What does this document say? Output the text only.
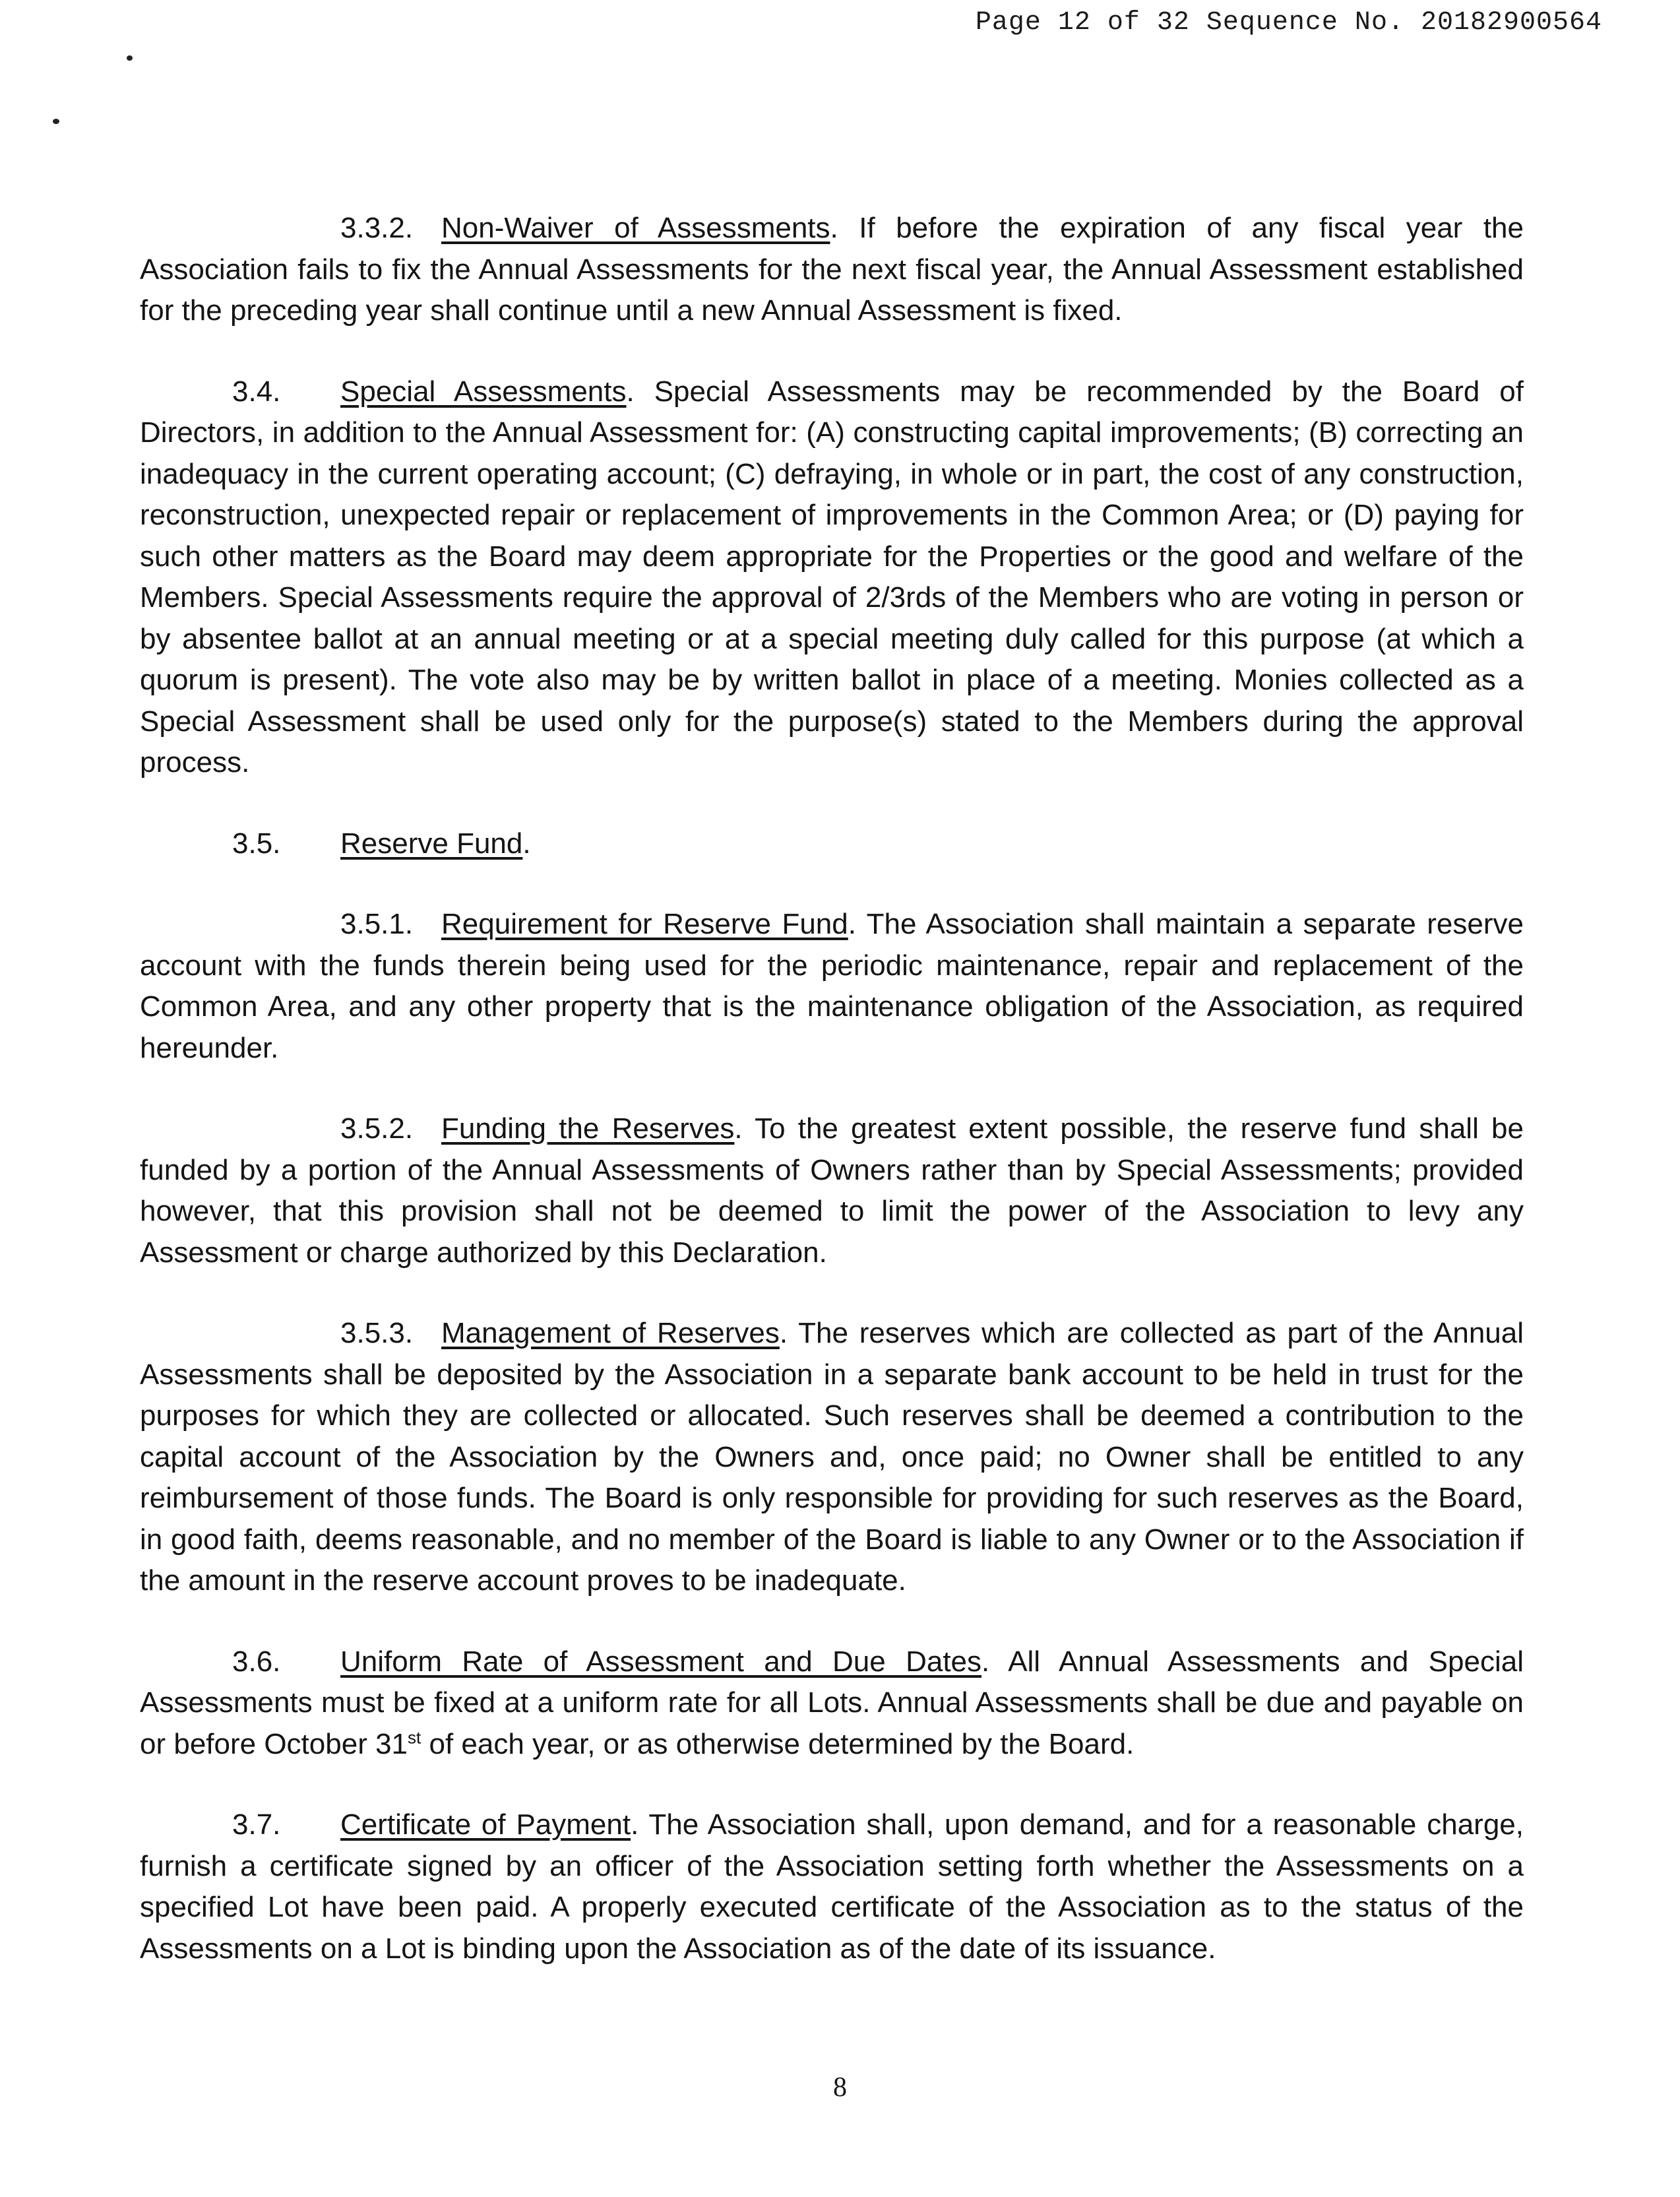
Page 12 of 32 Sequence No. 20182900564

3.3.2. Non-Waiver of Assessments. If before the expiration of any fiscal year the Association fails to fix the Annual Assessments for the next fiscal year, the Annual Assessment established for the preceding year shall continue until a new Annual Assessment is fixed.

3.4. Special Assessments. Special Assessments may be recommended by the Board of Directors, in addition to the Annual Assessment for: (A) constructing capital improvements; (B) correcting an inadequacy in the current operating account; (C) defraying, in whole or in part, the cost of any construction, reconstruction, unexpected repair or replacement of improvements in the Common Area; or (D) paying for such other matters as the Board may deem appropriate for the Properties or the good and welfare of the Members. Special Assessments require the approval of 2/3rds of the Members who are voting in person or by absentee ballot at an annual meeting or at a special meeting duly called for this purpose (at which a quorum is present). The vote also may be by written ballot in place of a meeting. Monies collected as a Special Assessment shall be used only for the purpose(s) stated to the Members during the approval process.

3.5. Reserve Fund.

3.5.1. Requirement for Reserve Fund. The Association shall maintain a separate reserve account with the funds therein being used for the periodic maintenance, repair and replacement of the Common Area, and any other property that is the maintenance obligation of the Association, as required hereunder.

3.5.2. Funding the Reserves. To the greatest extent possible, the reserve fund shall be funded by a portion of the Annual Assessments of Owners rather than by Special Assessments; provided however, that this provision shall not be deemed to limit the power of the Association to levy any Assessment or charge authorized by this Declaration.

3.5.3. Management of Reserves. The reserves which are collected as part of the Annual Assessments shall be deposited by the Association in a separate bank account to be held in trust for the purposes for which they are collected or allocated. Such reserves shall be deemed a contribution to the capital account of the Association by the Owners and, once paid; no Owner shall be entitled to any reimbursement of those funds. The Board is only responsible for providing for such reserves as the Board, in good faith, deems reasonable, and no member of the Board is liable to any Owner or to the Association if the amount in the reserve account proves to be inadequate.

3.6. Uniform Rate of Assessment and Due Dates. All Annual Assessments and Special Assessments must be fixed at a uniform rate for all Lots. Annual Assessments shall be due and payable on or before October 31st of each year, or as otherwise determined by the Board.

3.7. Certificate of Payment. The Association shall, upon demand, and for a reasonable charge, furnish a certificate signed by an officer of the Association setting forth whether the Assessments on a specified Lot have been paid. A properly executed certificate of the Association as to the status of the Assessments on a Lot is binding upon the Association as of the date of its issuance.

8
